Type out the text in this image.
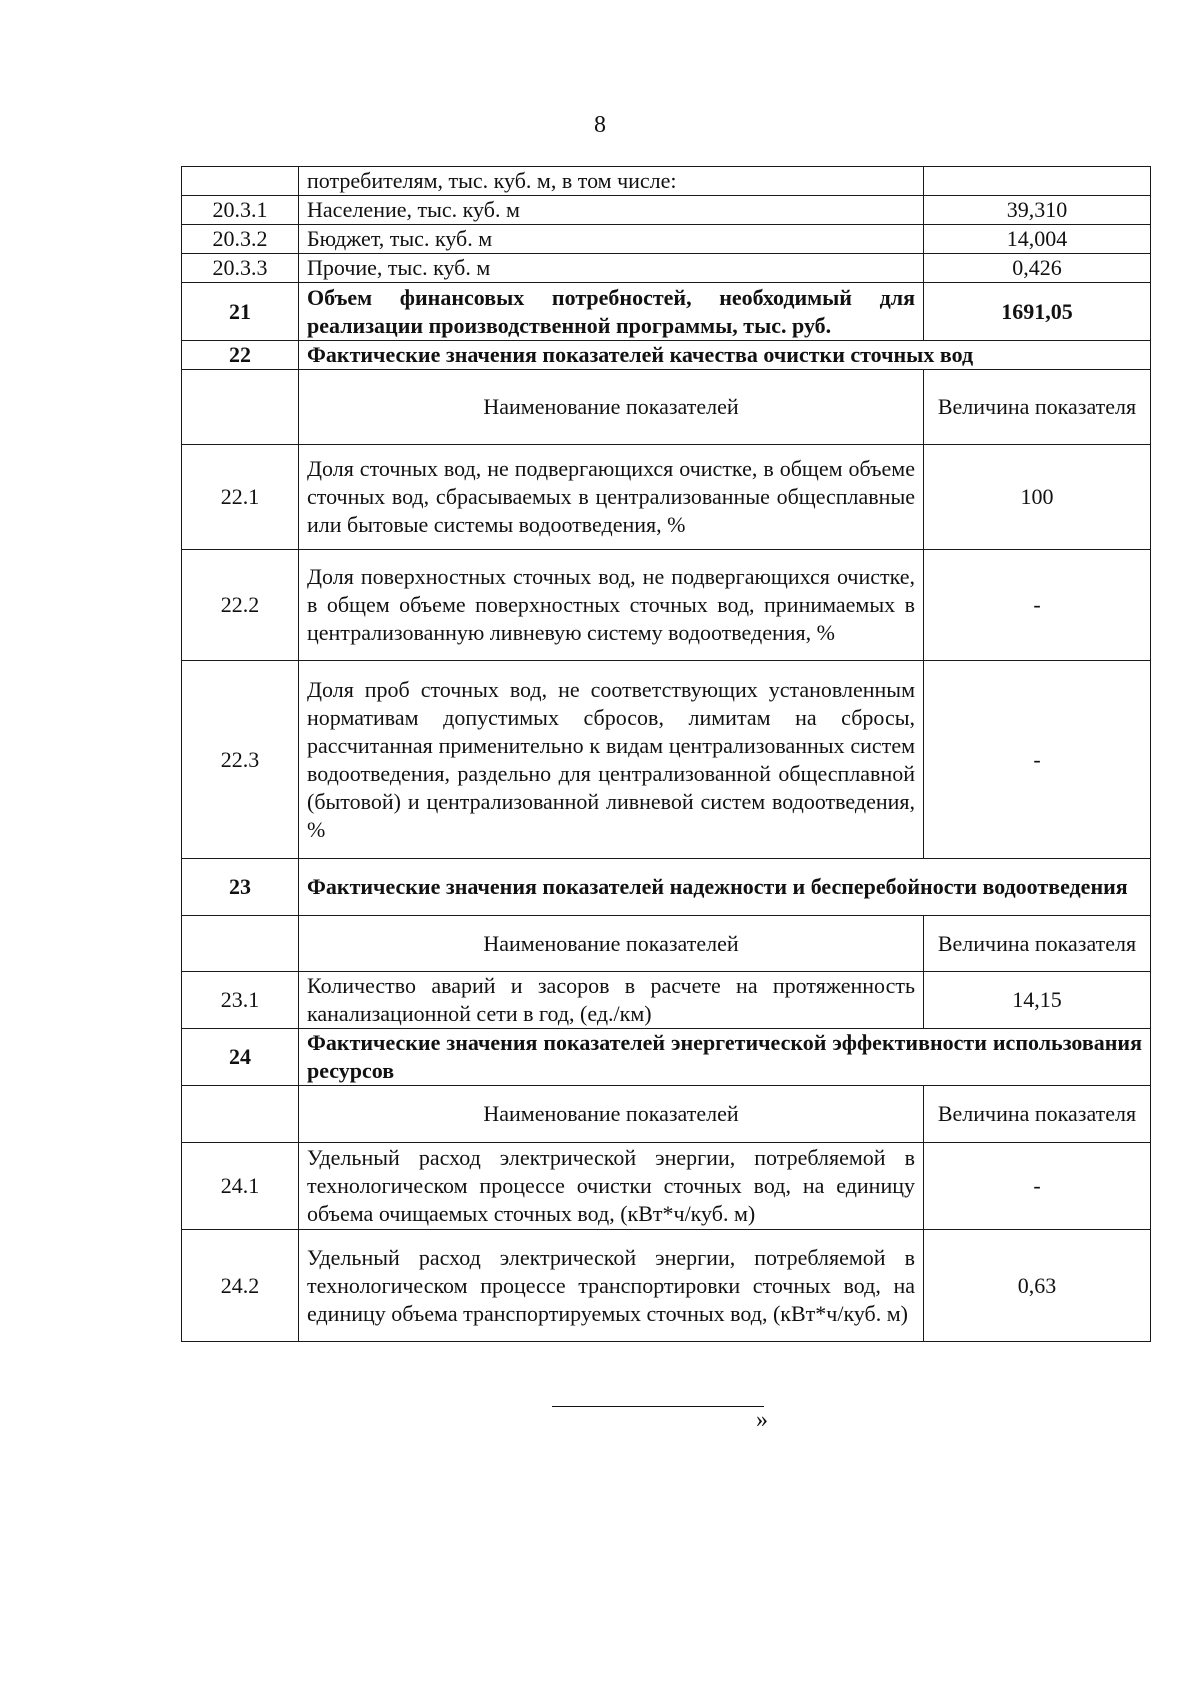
8
	потребителям, тыс. куб. м, в том числе:	
20.3.1	Население, тыс. куб. м	39,310
20.3.2	Бюджет, тыс. куб. м	14,004
20.3.3	Прочие, тыс. куб. м	0,426
21	Объем финансовых потребностей, необходимый для реализации производственной программы, тыс. руб.	1691,05
22	Фактические значения показателей качества очистки сточных вод	
	Наименование показателей	Величина показателя
22.1	Доля сточных вод, не подвергающихся очистке, в общем объеме сточных вод, сбрасываемых в централизованные общесплавные или бытовые системы водоотведения, %	100
22.2	Доля поверхностных сточных вод, не подвергающихся очистке, в общем объеме поверхностных сточных вод, принимаемых в централизованную ливневую систему водоотведения, %	-
22.3	Доля проб сточных вод, не соответствующих установленным нормативам допустимых сбросов, лимитам на сбросы, рассчитанная применительно к видам централизованных систем водоотведения, раздельно для централизованной общесплавной (бытовой) и централизованной ливневой систем водоотведения, %	-
23	Фактические значения показателей надежности и бесперебойности водоотведения	
	Наименование показателей	Величина показателя
23.1	Количество аварий и засоров в расчете на протяженность канализационной сети в год, (ед./км)	14,15
24	Фактические значения показателей энергетической эффективности использования ресурсов	
	Наименование показателей	Величина показателя
24.1	Удельный расход электрической энергии, потребляемой в технологическом процессе очистки сточных вод, на единицу объема очищаемых сточных вод, (кВт*ч/куб. м)	-
24.2	Удельный расход электрической энергии, потребляемой в технологическом процессе транспортировки сточных вод, на единицу объема транспортируемых сточных вод, (кВт*ч/куб. м)	0,63
»
